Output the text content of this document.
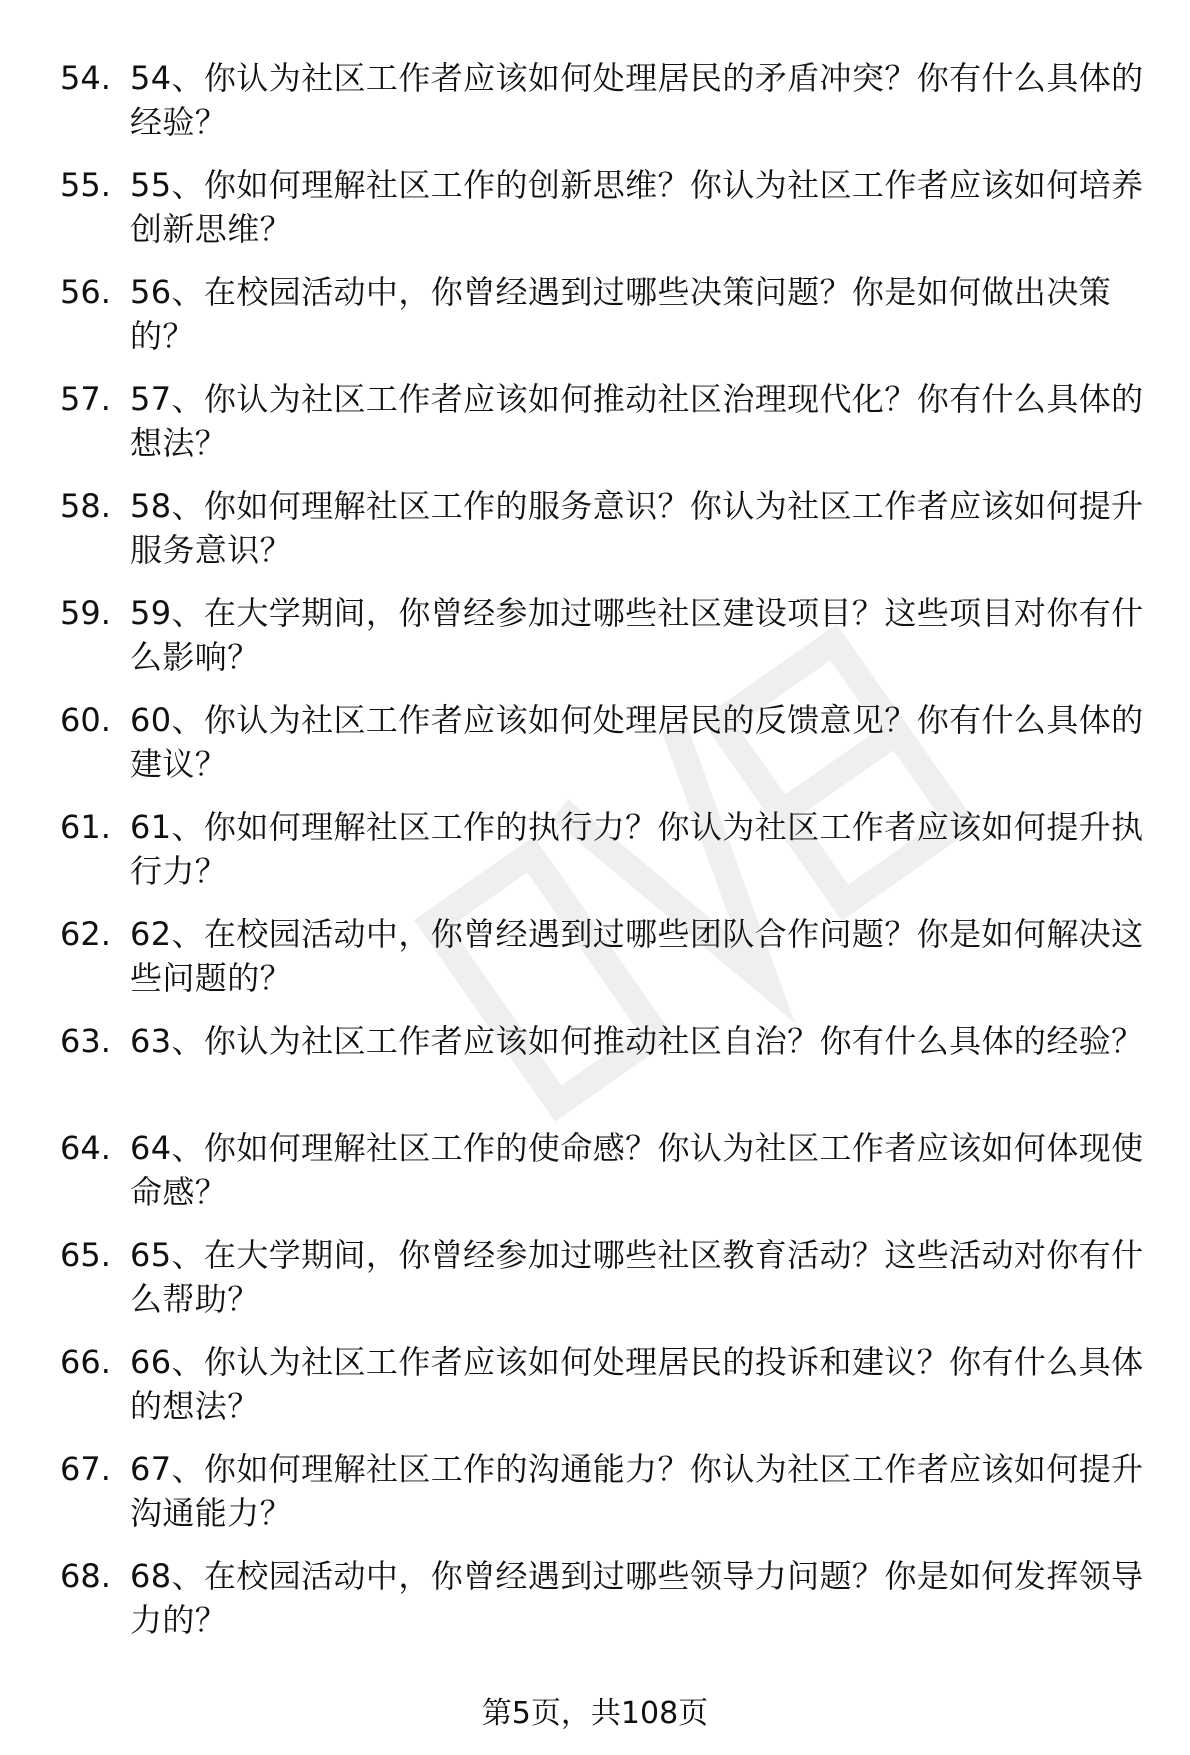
54. 54、你认为社区工作者应该如何处理居民的矛盾冲突？你有什么具体的经验？
55. 55、你如何理解社区工作的创新思维？你认为社区工作者应该如何培养创新思维？
56. 56、在校园活动中，你曾经遇到过哪些决策问题？你是如何做出决策的？
57. 57、你认为社区工作者应该如何推动社区治理现代化？你有什么具体的想法？
58. 58、你如何理解社区工作的服务意识？你认为社区工作者应该如何提升服务意识？
59. 59、在大学期间，你曾经参加过哪些社区建设项目？这些项目对你有什么影响？
60. 60、你认为社区工作者应该如何处理居民的反馈意见？你有什么具体的建议？
61. 61、你如何理解社区工作的执行力？你认为社区工作者应该如何提升执行力？
62. 62、在校园活动中，你曾经遇到过哪些团队合作问题？你是如何解决这些问题的？
63. 63、你认为社区工作者应该如何推动社区自治？你有什么具体的经验？
64. 64、你如何理解社区工作的使命感？你认为社区工作者应该如何体现使命感？
65. 65、在大学期间，你曾经参加过哪些社区教育活动？这些活动对你有什么帮助？
66. 66、你认为社区工作者应该如何处理居民的投诉和建议？你有什么具体的想法？
67. 67、你如何理解社区工作的沟通能力？你认为社区工作者应该如何提升沟通能力？
68. 68、在校园活动中，你曾经遇到过哪些领导力问题？你是如何发挥领导力的？
第5页，共108页
